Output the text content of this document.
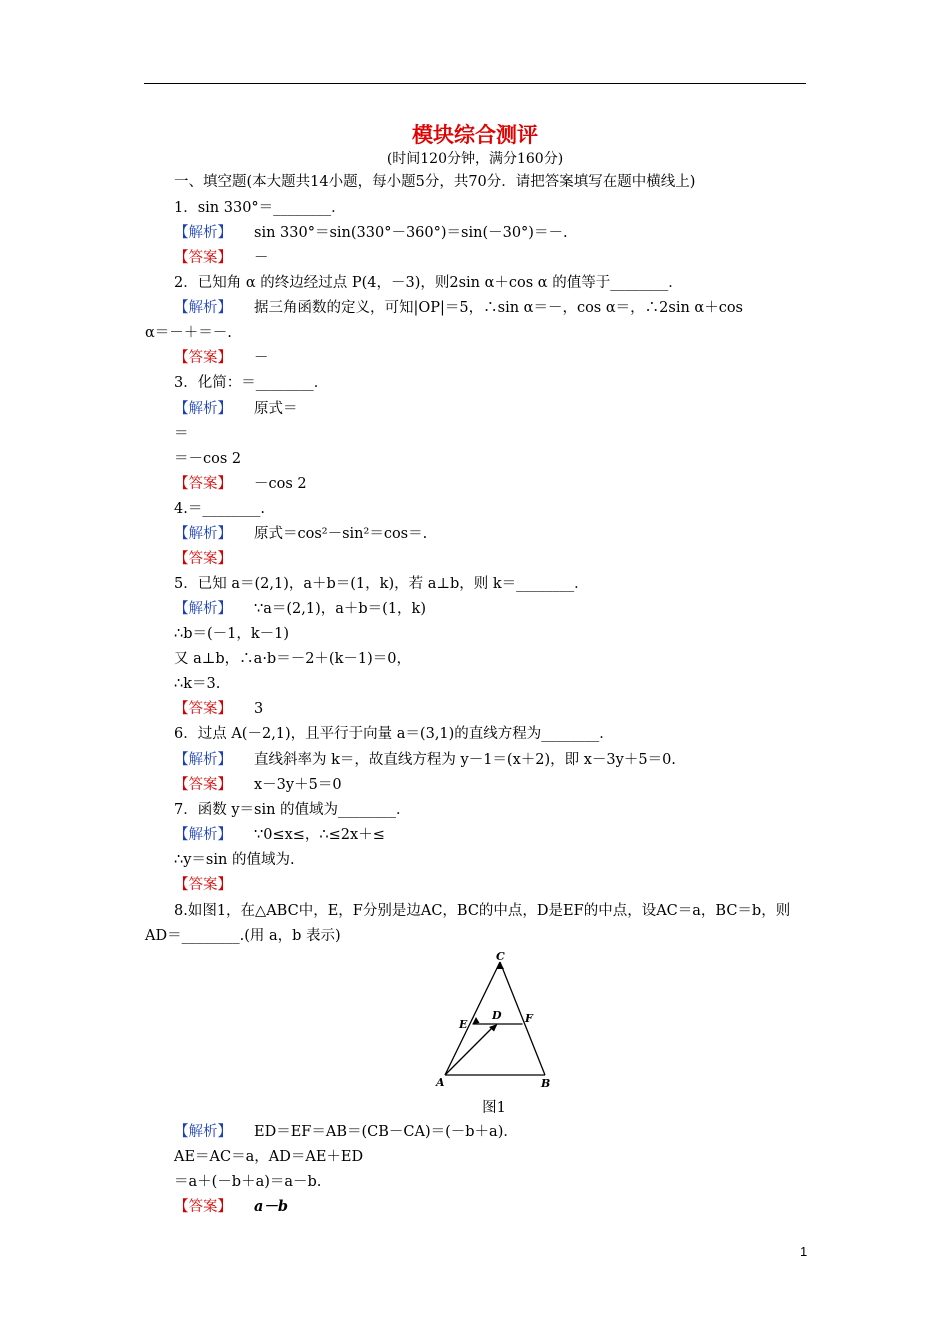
模块综合测评
(时间120分钟，满分160分)
一、填空题(本大题共14小题，每小题5分，共70分．请把答案填写在题中横线上)
1．sin 330°＝________．
【解析】 sin 330°＝sin(330°－360°)＝sin(－30°)＝－.
【答案】 －
2．已知角 α 的终边经过点 P(4，－3)，则2sin α＋cos α 的值等于________．
【解析】 据三角函数的定义，可知|OP|＝5，∴sin α＝－，cos α＝，∴2sin α＋cos
α＝－＋＝－.
【答案】 －
3．化简：＝________．
【解析】 原式＝
＝
＝－cos 2
【答案】 －cos 2
4.＝________.
【解析】 原式＝cos²－sin²＝cos＝.
【答案】
5．已知 a＝(2,1)，a＋b＝(1，k)，若 a⊥b，则 k＝________．
【解析】 ∵a＝(2,1)，a＋b＝(1，k)
∴b＝(－1，k－1)
又 a⊥b，∴a·b＝－2＋(k－1)＝0，
∴k＝3.
【答案】 3
6．过点 A(－2,1)，且平行于向量 a＝(3,1)的直线方程为________．
【解析】 直线斜率为 k＝，故直线方程为 y－1＝(x＋2)，即 x－3y＋5＝0.
【答案】 x－3y＋5＝0
7．函数 y＝sin 的值域为________．
【解析】 ∵0≤x≤，∴≤2x＋≤
∴y＝sin 的值域为.
【答案】
8.如图1，在△ABC中，E，F分别是边AC，BC的中点，D是EF的中点，设AC＝a，BC＝b，则
AD＝________.(用 a，b 表示)
C
E
D F
A	B
图1
【解析】 ED＝EF＝AB＝(CB－CA)＝(－b＋a)．
AE＝AC＝a，AD＝AE＋ED
＝a＋(－b＋a)＝a－b.
【答案】 a－b
1
